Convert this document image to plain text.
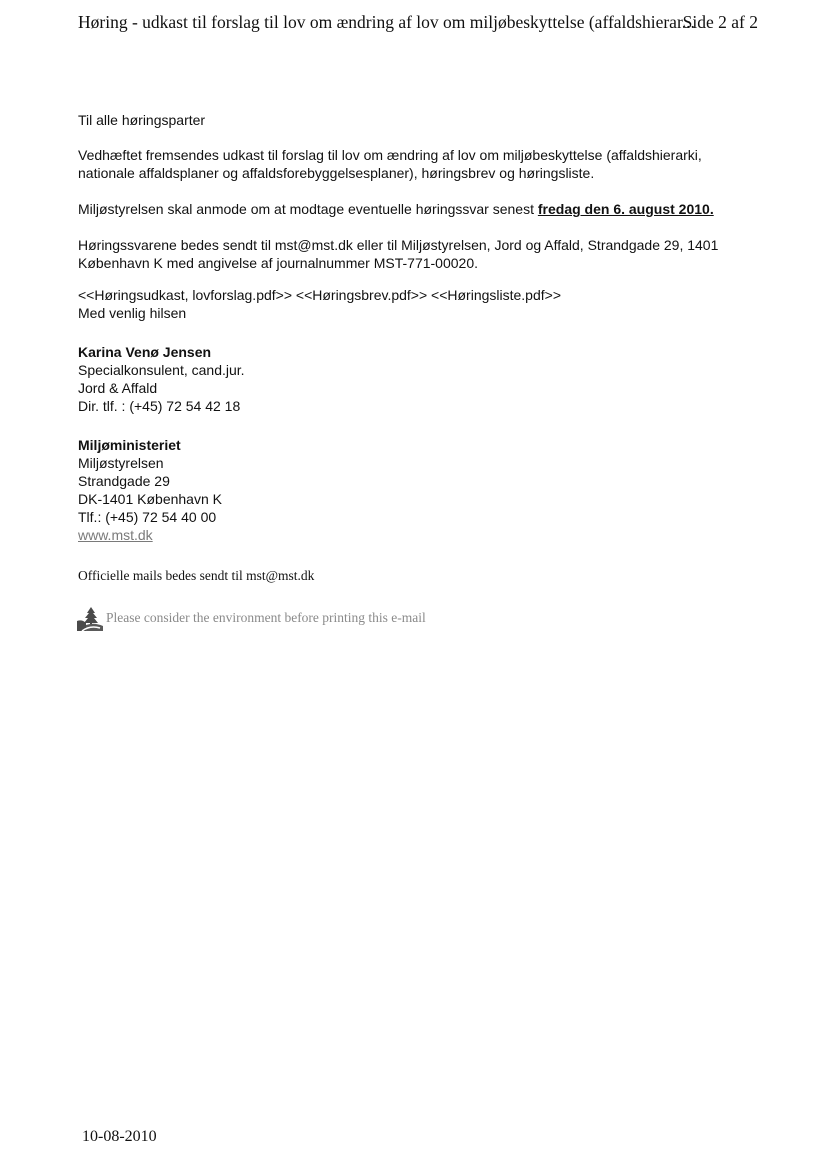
Høring - udkast til forslag til lov om ændring af lov om miljøbeskyttelse (affaldshierar...
Side 2 af 2
Til alle høringsparter
Vedhæftet fremsendes udkast til forslag til lov om ændring af lov om miljøbeskyttelse (affaldshierarki,
nationale affaldsplaner og affaldsforebyggelsesplaner), høringsbrev og høringsliste.
Miljøstyrelsen skal anmode om at modtage eventuelle høringssvar senest fredag den 6. august 2010.
Høringssvarene bedes sendt til mst@mst.dk eller til Miljøstyrelsen, Jord og Affald, Strandgade 29, 1401
København K med angivelse af journalnummer MST-771-00020.
<<Høringsudkast, lovforslag.pdf>> <<Høringsbrev.pdf>> <<Høringsliste.pdf>>
Med venlig hilsen
Karina Venø Jensen
Specialkonsulent, cand.jur.
Jord & Affald
Dir. tlf. : (+45) 72 54 42 18
Miljøministeriet
Miljøstyrelsen
Strandgade 29
DK-1401 København K
Tlf.: (+45) 72 54 40 00
www.mst.dk
Officielle mails bedes sendt til mst@mst.dk
Please consider the environment before printing this e-mail
10-08-2010
